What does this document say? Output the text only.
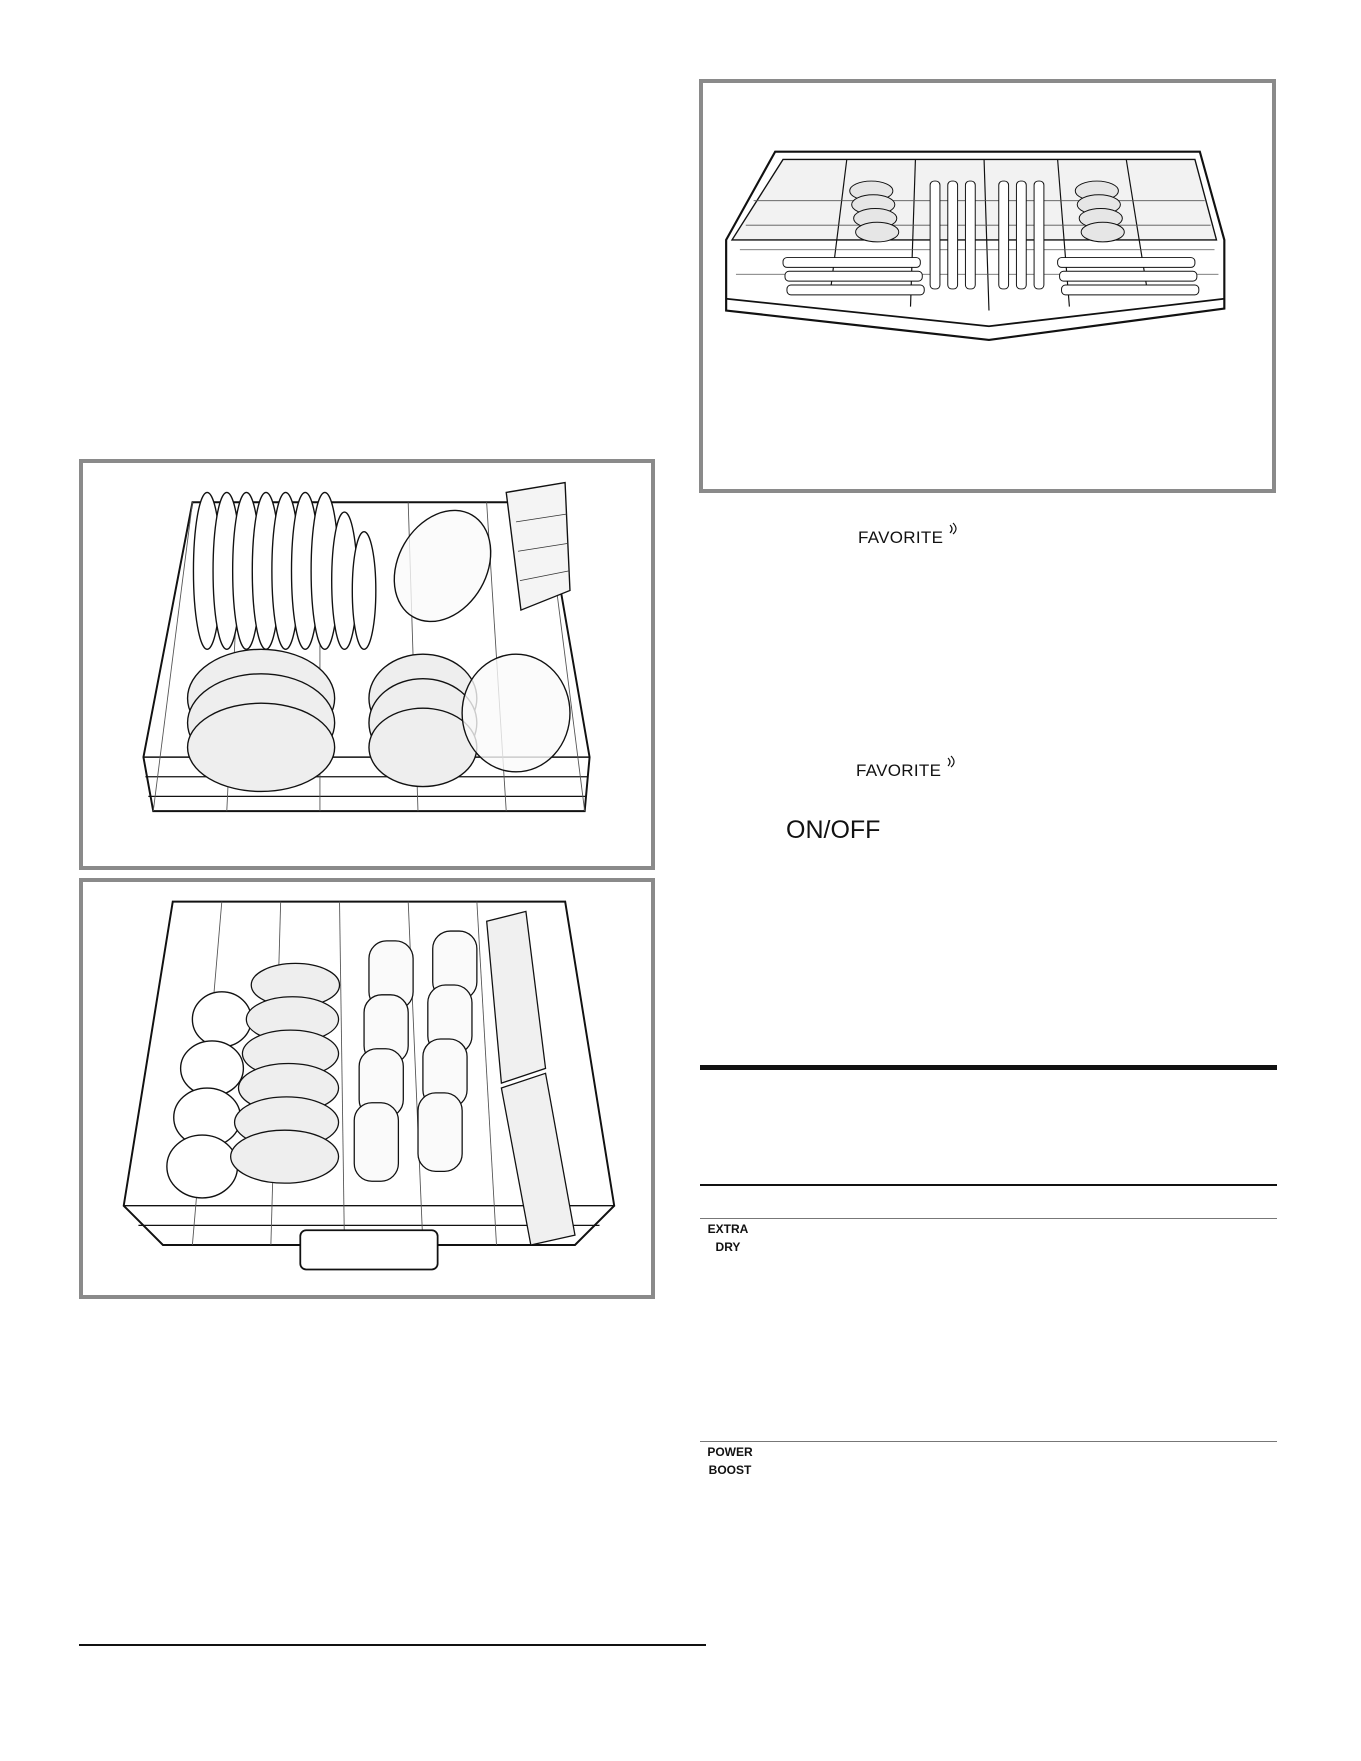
FAVORITE
FAVORITE
ON/OFF
EXTRA
DRY
POWER
BOOST
